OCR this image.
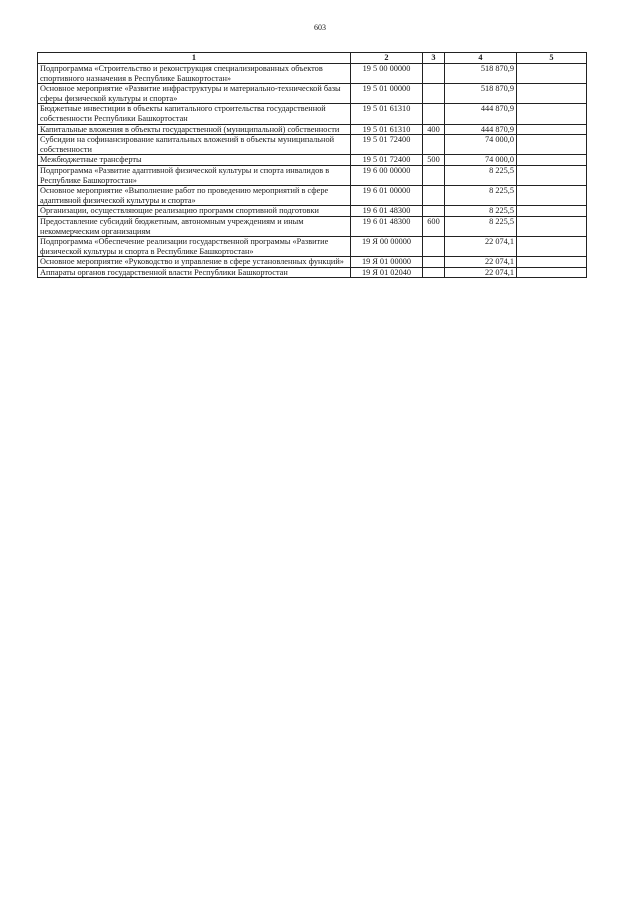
603
1	2	3	4	5
Подпрограмма «Строительство и реконструкция специализированных объектов спортивного назначения в Республике Башкортостан»	19 5 00 00000		518 870,9	
Основное мероприятие «Развитие инфраструктуры и материально-технической базы сферы физической культуры и спорта»	19 5 01 00000		518 870,9	
Бюджетные инвестиции в объекты капитального строительства государственной собственности Республики Башкортостан	19 5 01 61310		444 870,9	
Капитальные вложения в объекты государственной (муниципальной) собственности	19 5 01 61310	400	444 870,9	
Субсидии на софинансирование капитальных вложений в объекты муниципальной собственности	19 5 01 72400		74 000,0	
Межбюджетные трансферты	19 5 01 72400	500	74 000,0	
Подпрограмма «Развитие адаптивной физической культуры и спорта инвалидов в Республике Башкортостан»	19 6 00 00000		8 225,5	
Основное мероприятие «Выполнение работ по проведению мероприятий в сфере адаптивной физической культуры и спорта»	19 6 01 00000		8 225,5	
Организации, осуществляющие реализацию программ спортивной подготовки	19 6 01 48300		8 225,5	
Предоставление субсидий бюджетным, автономным учреждениям и иным некоммерческим организациям	19 6 01 48300	600	8 225,5	
Подпрограмма «Обеспечение реализации государственной программы «Развитие физической культуры и спорта в Республике Башкортостан»	19 Я 00 00000		22 074,1	
Основное мероприятие «Руководство и управление в сфере установленных функций»	19 Я 01 00000		22 074,1	
Аппараты органов государственной власти Республики Башкортостан	19 Я 01 02040		22 074,1	
